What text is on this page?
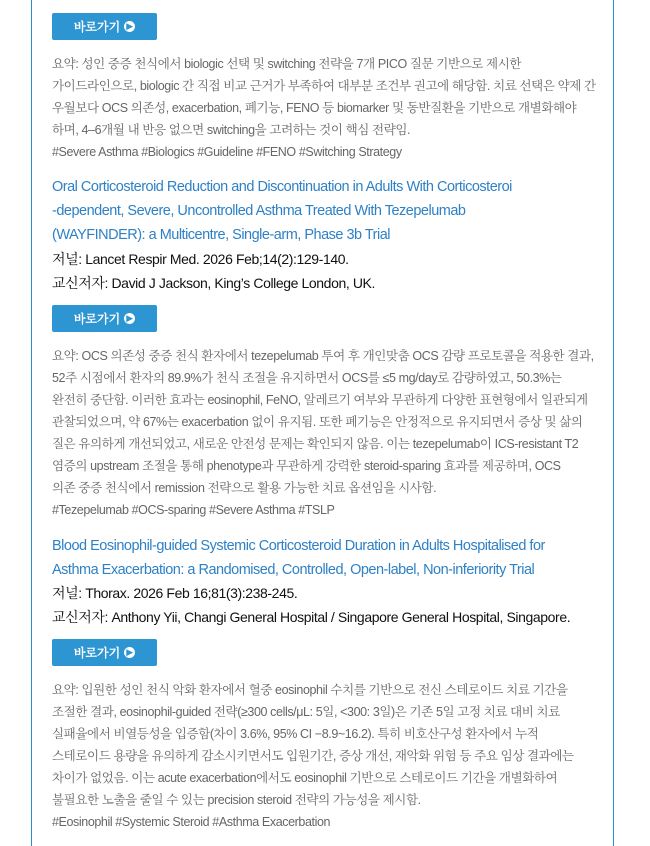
바로가기 ▶

요약: 성인 중증 천식에서 biologic 선택 및 switching 전략을 7개 PICO 질문 기반으로 제시한

가이드라인으로, biologic 간 직접 비교 근거가 부족하여 대부분 조건부 권고에 해당함. 치료 선택은 약제 간

우월보다 OCS 의존성, exacerbation, 폐기능, FENO 등 biomarker 및 동반질환을 기반으로 개별화해야

하며, 4–6개월 내 반응 없으면 switching을 고려하는 것이 핵심 전략임.

#Severe Asthma #Biologics #Guideline #FENO #Switching Strategy

Oral Corticosteroid Reduction and Discontinuation in Adults With Corticosteroi

-dependent, Severe, Uncontrolled Asthma Treated With Tezepelumab

(WAYFINDER): a Multicentre, Single-arm, Phase 3b Trial

저널: Lancet Respir Med. 2026 Feb;14(2):129-140.
교신저자: David J Jackson, King’s College London, UK.
바로가기 ▶

요약: OCS 의존성 중증 천식 환자에서 tezepelumab 투여 후 개인맞춤 OCS 감량 프로토콜을 적용한 결과,

52주 시점에서 환자의 89.9%가 천식 조절을 유지하면서 OCS를 ≤5 mg/day로 감량하였고, 50.3%는

완전히 중단함. 이러한 효과는 eosinophil, FeNO, 알레르기 여부와 무관하게 다양한 표현형에서 일관되게

관찰되었으며, 약 67%는 exacerbation 없이 유지됨. 또한 폐기능은 안정적으로 유지되면서 증상 및 삶의

질은 유의하게 개선되었고, 새로운 안전성 문제는 확인되지 않음. 이는 tezepelumab이 ICS-resistant T2

염증의 upstream 조절을 통해 phenotype과 무관하게 강력한 steroid-sparing 효과를 제공하며, OCS

의존 중증 천식에서 remission 전략으로 활용 가능한 치료 옵션임을 시사함.

#Tezepelumab #OCS-sparing #Severe Asthma #TSLP

Blood Eosinophil-guided Systemic Corticosteroid Duration in Adults Hospitalised for

Asthma Exacerbation: a Randomised, Controlled, Open-label, Non-inferiority Trial

저널: Thorax. 2026 Feb 16;81(3):238-245.
교신저자: Anthony Yii, Changi General Hospital / Singapore General Hospital, Singapore.
바로가기 ▶

요약: 입원한 성인 천식 악화 환자에서 혈중 eosinophil 수치를 기반으로 전신 스테로이드 치료 기간을

조절한 결과, eosinophil-guided 전략(≥300 cells/μL: 5일, <300: 3일)은 기존 5일 고정 치료 대비 치료

실패율에서 비열등성을 입증함(차이 3.6%, 95% CI −8.9~16.2). 특히 비호산구성 환자에서 누적

스테로이드 용량을 유의하게 감소시키면서도 입원기간, 증상 개선, 재악화 위험 등 주요 임상 결과에는

차이가 없었음. 이는 acute exacerbation에서도 eosinophil 기반으로 스테로이드 기간을 개별화하여

불필요한 노출을 줄일 수 있는 precision steroid 전략의 가능성을 제시함.

#Eosinophil #Systemic Steroid #Asthma Exacerbation
